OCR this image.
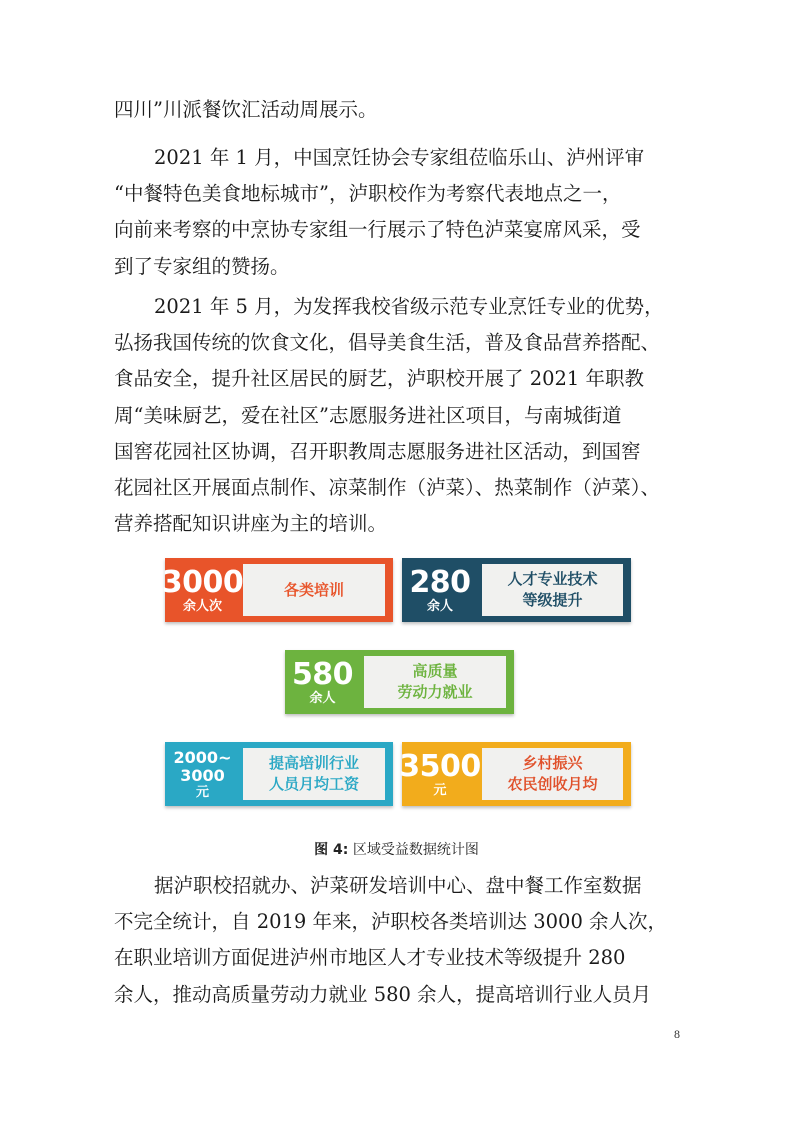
四川”川派餐饮汇活动周展示。
2021 年 1 月，中国烹饪协会专家组莅临乐山、泸州评审
“中餐特色美食地标城市”，泸职校作为考察代表地点之一，
向前来考察的中烹协专家组一行展示了特色泸菜宴席风采，受
到了专家组的赞扬。
2021 年 5 月，为发挥我校省级示范专业烹饪专业的优势，
弘扬我国传统的饮食文化，倡导美食生活，普及食品营养搭配、
食品安全，提升社区居民的厨艺，泸职校开展了 2021 年职教
周“美味厨艺，爱在社区”志愿服务进社区项目，与南城街道
国窖花园社区协调，召开职教周志愿服务进社区活动，到国窖
花园社区开展面点制作、凉菜制作（泸菜）、热菜制作（泸菜）、
营养搭配知识讲座为主的培训。
3000
余人次
各类培训 280
余人
人才专业技术
等级提升
580
余人
高质量
劳动力就业
2000~
3000
元
提高培训行业
人员月均工资
3500
元
乡村振兴
农民创收月均
图 4: 区域受益数据统计图
据泸职校招就办、泸菜研发培训中心、盘中餐工作室数据
不完全统计，自 2019 年来，泸职校各类培训达 3000 余人次，
在职业培训方面促进泸州市地区人才专业技术等级提升 280
余人，推动高质量劳动力就业 580 余人，提高培训行业人员月
8
